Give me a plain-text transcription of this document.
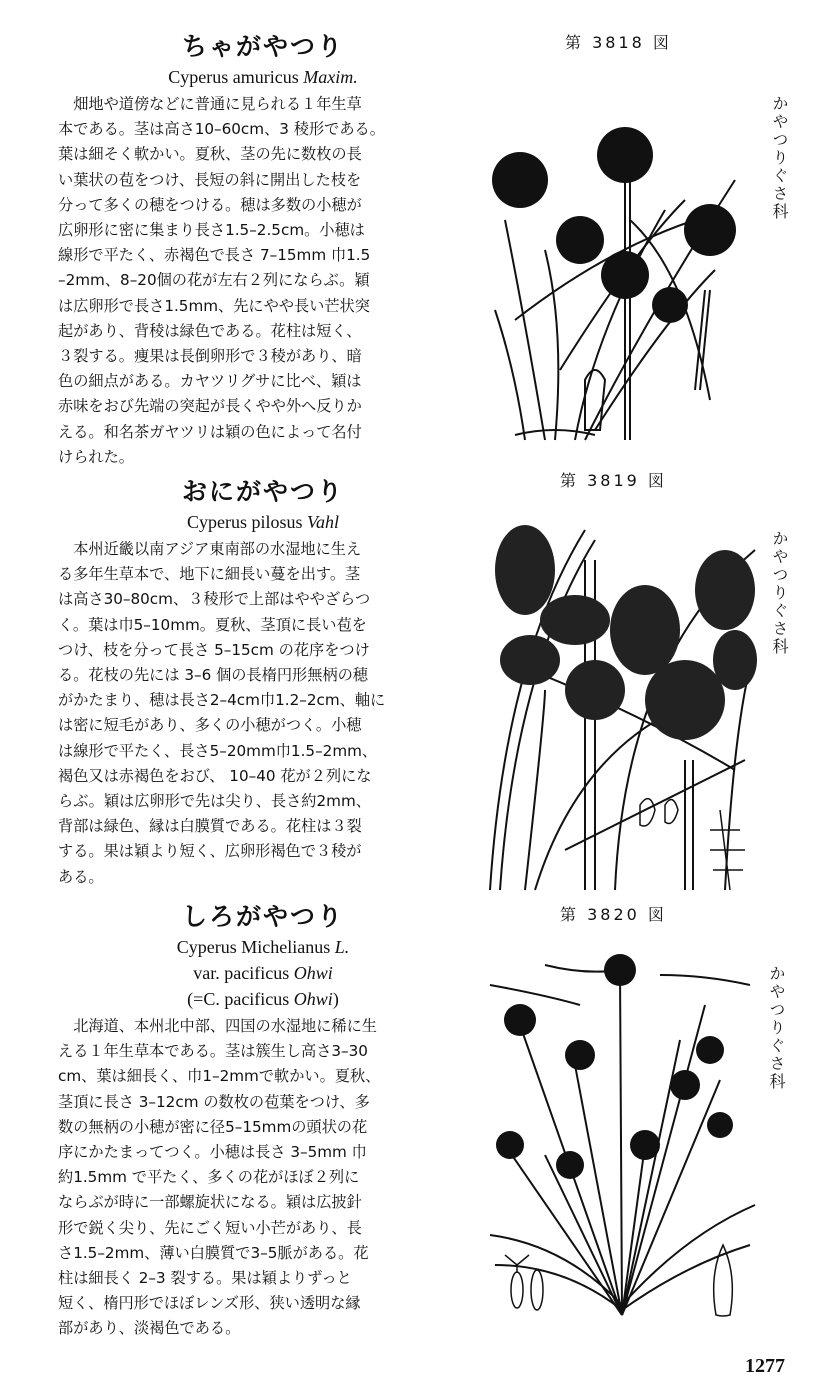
ちゃがやつり
Cyperus amuricus Maxim.
　畑地や道傍などに普通に見られる１年生草
本である。茎は高さ10–60cm、3 稜形である。
葉は細そく軟かい。夏秋、茎の先に数枚の長
い葉状の苞をつけ、長短の斜に開出した枝を
分って多くの穂をつける。穂は多数の小穂が
広卵形に密に集まり長さ1.5–2.5cm。小穂は
線形で平たく、赤褐色で長さ 7–15mm 巾1.5
–2mm、8–20個の花が左右２列にならぶ。穎
は広卵形で長さ1.5mm、先にやや長い芒状突
起があり、背稜は緑色である。花柱は短く、
３裂する。痩果は長倒卵形で３稜があり、暗
色の細点がある。カヤツリグサに比べ、穎は
赤味をおび先端の突起が長くやや外へ反りか
える。和名茶ガヤツリは穎の色によって名付
けられた。
第 3818 図
かやつりぐさ科
おにがやつり
Cyperus pilosus Vahl
　本州近畿以南アジア東南部の水湿地に生え
る多年生草本で、地下に細長い蔓を出す。茎
は高さ30–80cm、３稜形で上部はややざらつ
く。葉は巾5–10mm。夏秋、茎頂に長い苞を
つけ、枝を分って長さ 5–15cm の花序をつけ
る。花枝の先には 3–6 個の長楕円形無柄の穂
がかたまり、穂は長さ2–4cm巾1.2–2cm、軸に
は密に短毛があり、多くの小穂がつく。小穂
は線形で平たく、長さ5–20mm巾1.5–2mm、
褐色又は赤褐色をおび、 10–40 花が２列にな
らぶ。穎は広卵形で先は尖り、長さ約2mm、
背部は緑色、縁は白膜質である。花柱は３裂
する。果は穎より短く、広卵形褐色で３稜が
ある。
第 3819 図
かやつりぐさ科
しろがやつり
Cyperus Michelianus L.
var. pacificus Ohwi
(=C. pacificus Ohwi)
　北海道、本州北中部、四国の水湿地に稀に生
える１年生草本である。茎は簇生し高さ3–30
cm、葉は細長く、巾1–2mmで軟かい。夏秋、
茎頂に長さ 3–12cm の数枚の苞葉をつけ、多
数の無柄の小穂が密に径5–15mmの頭状の花
序にかたまってつく。小穂は長さ 3–5mm 巾
約1.5mm で平たく、多くの花がほぼ２列に
ならぶが時に一部螺旋状になる。穎は広披針
形で鋭く尖り、先にごく短い小芒があり、長
さ1.5–2mm、薄い白膜質で3–5脈がある。花
柱は細長く 2–3 裂する。果は穎よりずっと
短く、楕円形でほぼレンズ形、狭い透明な縁
部があり、淡褐色である。
第 3820 図
かやつりぐさ科
1277
